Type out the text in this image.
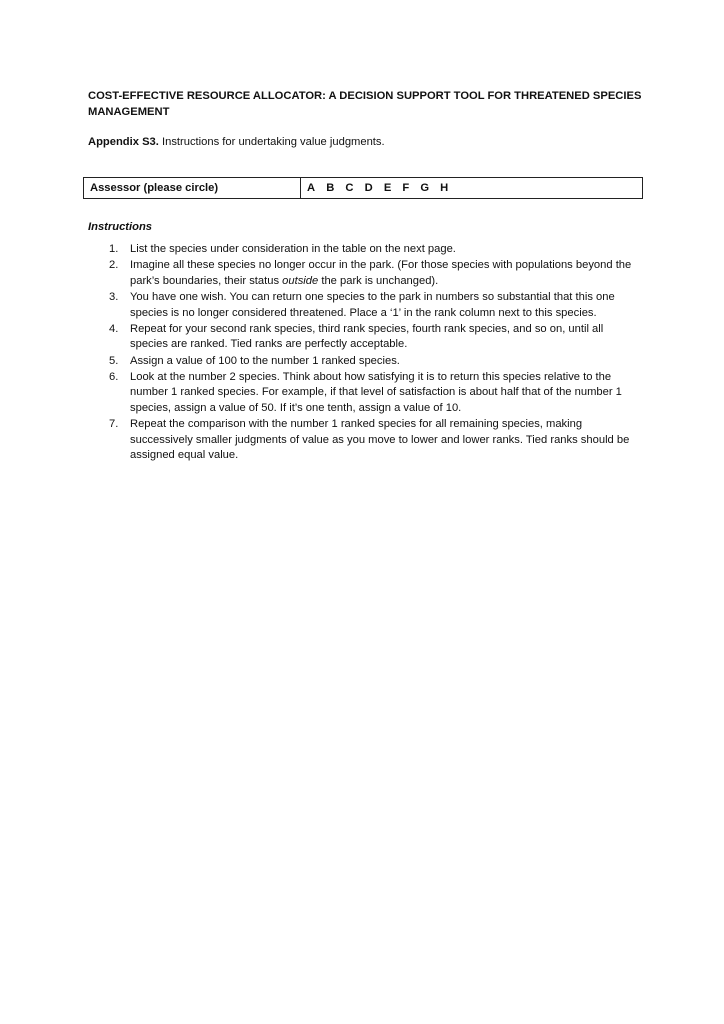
COST-EFFECTIVE RESOURCE ALLOCATOR: A DECISION SUPPORT TOOL FOR THREATENED SPECIES MANAGEMENT

Appendix S3. Instructions for undertaking value judgments.

Assessor (please circle)	A B C D E F G H

Instructions

1. List the species under consideration in the table on the next page.
2. Imagine all these species no longer occur in the park. (For those species with populations beyond the park’s boundaries, their status outside the park is unchanged).
3. You have one wish. You can return one species to the park in numbers so substantial that this one species is no longer considered threatened. Place a ‘1’ in the rank column next to this species.
4. Repeat for your second rank species, third rank species, fourth rank species, and so on, until all species are ranked. Tied ranks are perfectly acceptable.
5. Assign a value of 100 to the number 1 ranked species.
6. Look at the number 2 species. Think about how satisfying it is to return this species relative to the number 1 ranked species. For example, if that level of satisfaction is about half that of the number 1 species, assign a value of 50. If it’s one tenth, assign a value of 10.
7. Repeat the comparison with the number 1 ranked species for all remaining species, making successively smaller judgments of value as you move to lower and lower ranks. Tied ranks should be assigned equal value.
